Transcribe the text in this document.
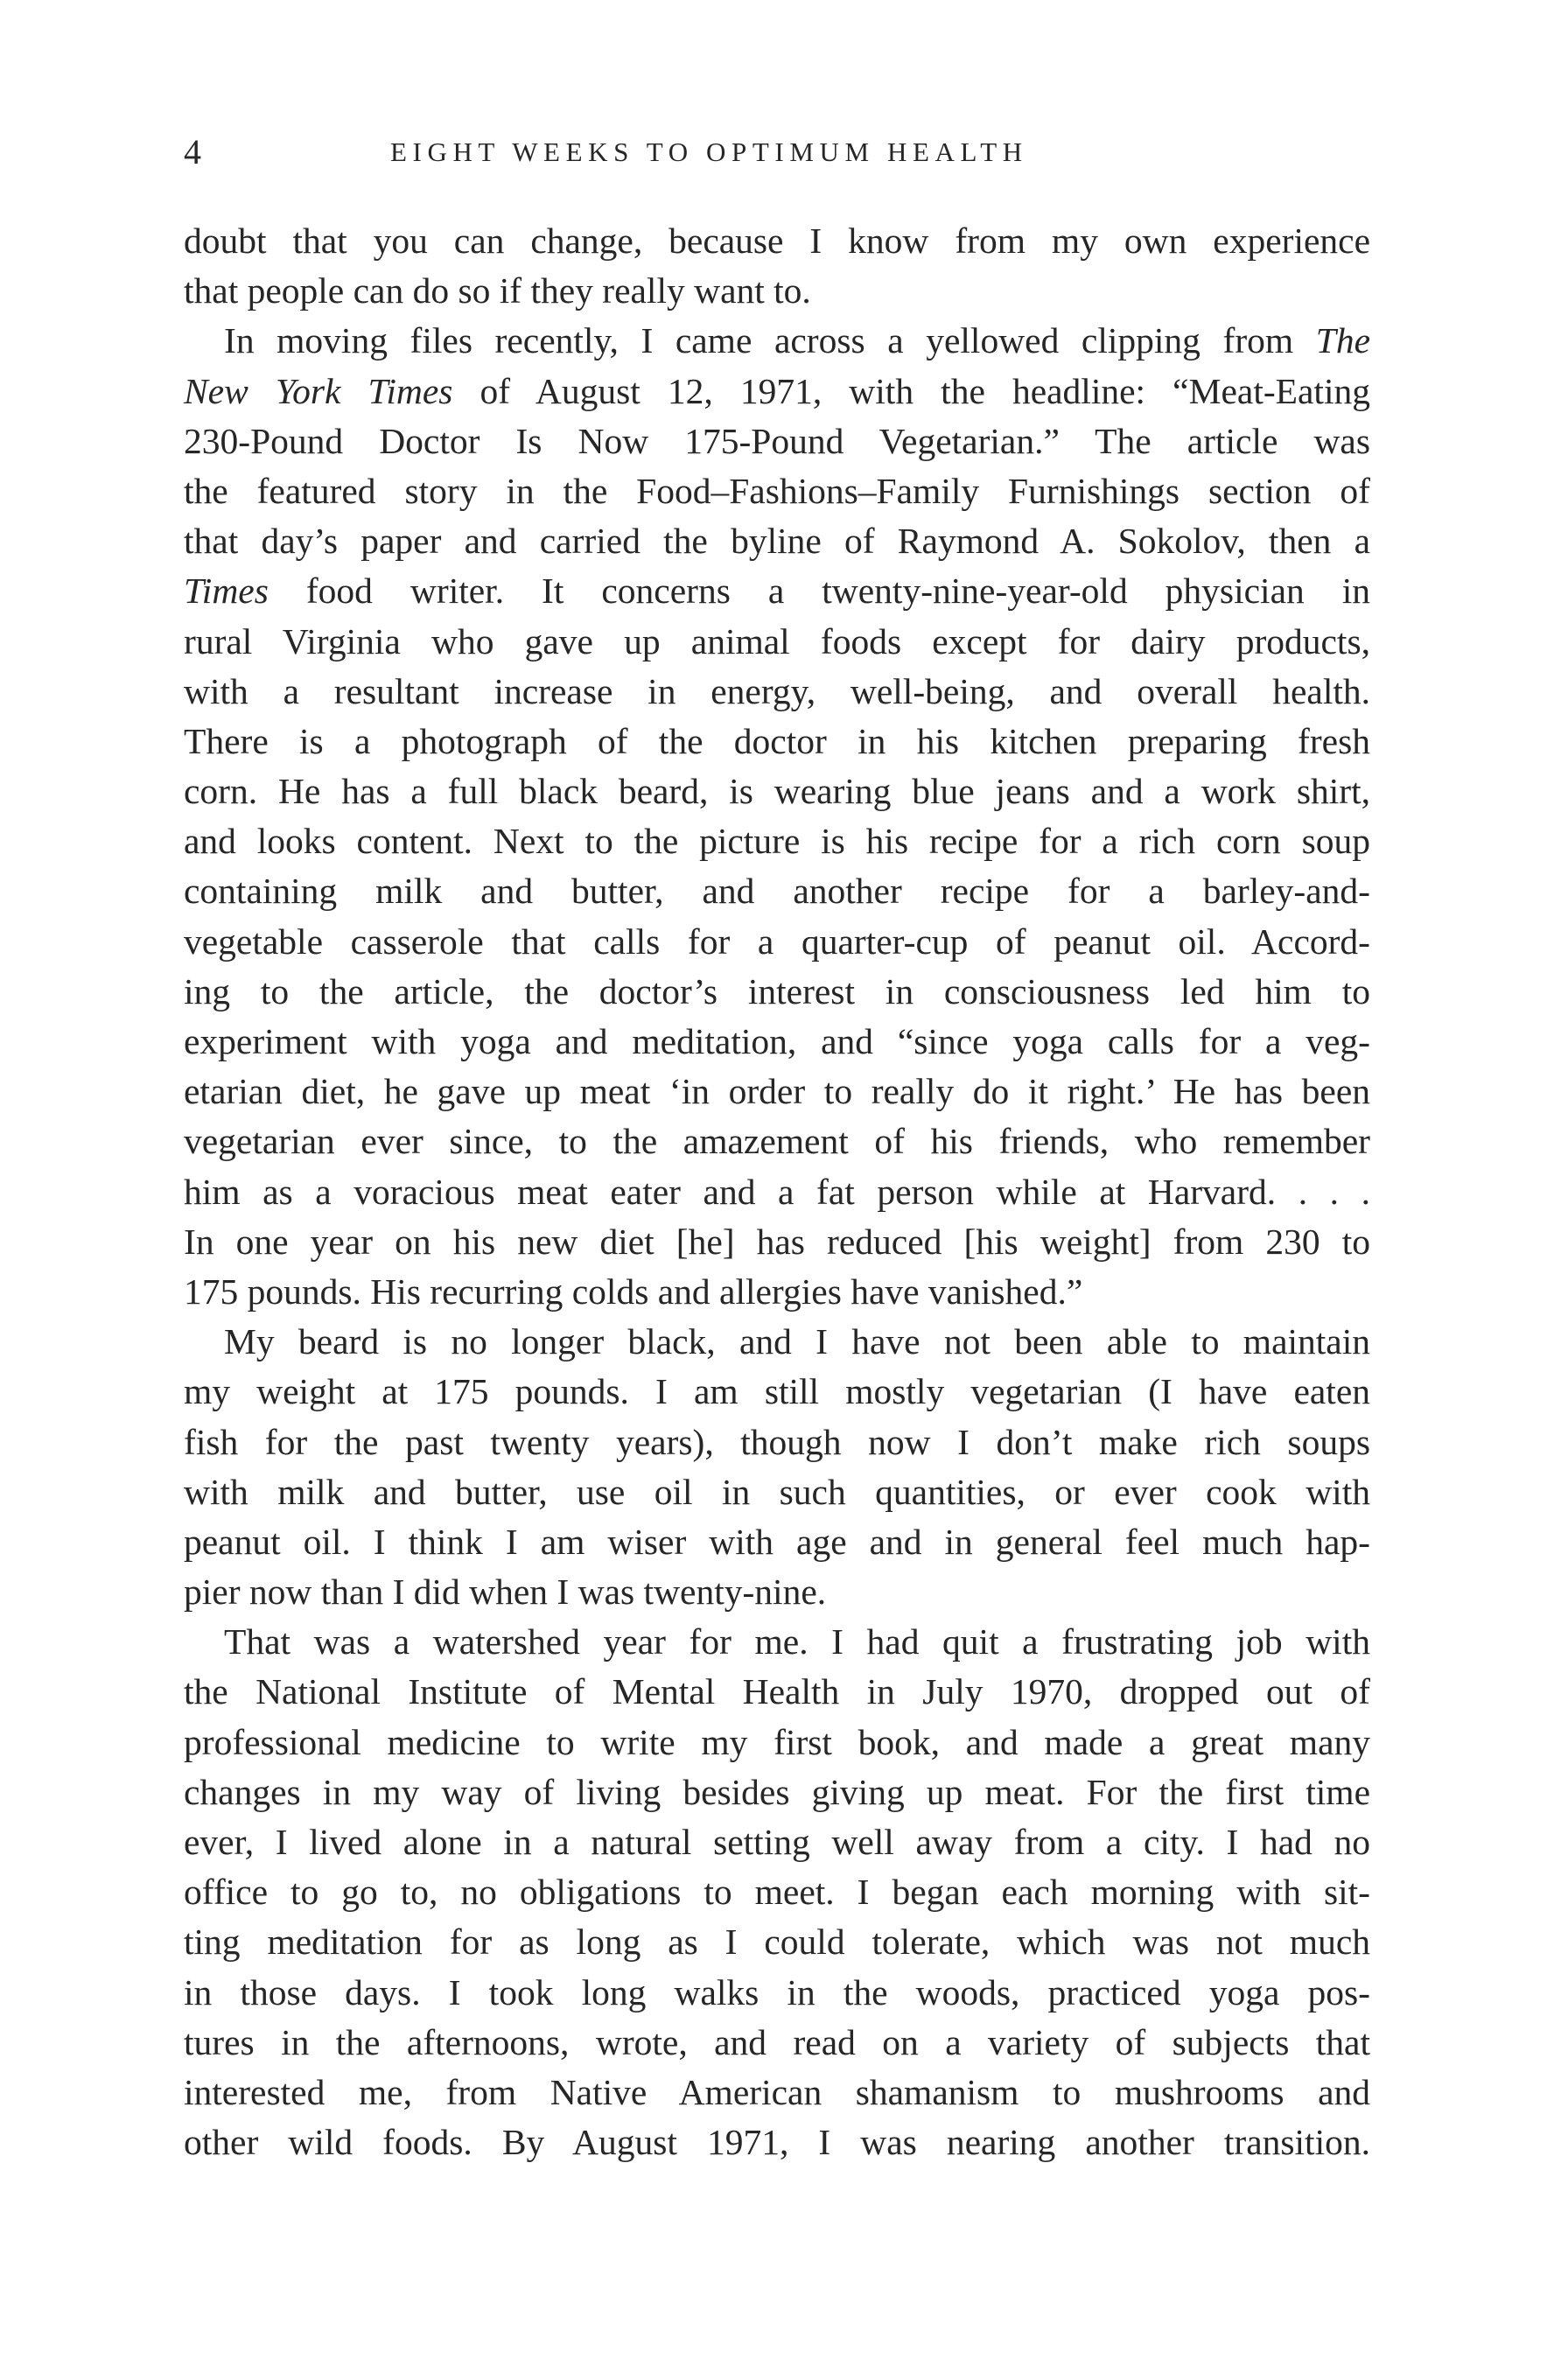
4	EIGHT WEEKS TO OPTIMUM HEALTH
doubt that you can change, because I know from my own experience
that people can do so if they really want to.
In moving files recently, I came across a yellowed clipping from The
New York Times of August 12, 1971, with the headline: “Meat-Eating
230-Pound Doctor Is Now 175-Pound Vegetarian.” The article was
the featured story in the Food–Fashions–Family Furnishings section of
that day’s paper and carried the byline of Raymond A. Sokolov, then a
Times food writer. It concerns a twenty-nine-year-old physician in
rural Virginia who gave up animal foods except for dairy products,
with a resultant increase in energy, well-being, and overall health.
There is a photograph of the doctor in his kitchen preparing fresh
corn. He has a full black beard, is wearing blue jeans and a work shirt,
and looks content. Next to the picture is his recipe for a rich corn soup
containing milk and butter, and another recipe for a barley-and-
vegetable casserole that calls for a quarter-cup of peanut oil. Accord-
ing to the article, the doctor’s interest in consciousness led him to
experiment with yoga and meditation, and “since yoga calls for a veg-
etarian diet, he gave up meat ‘in order to really do it right.’ He has been
vegetarian ever since, to the amazement of his friends, who remember
him as a voracious meat eater and a fat person while at Harvard. . . .
In one year on his new diet [he] has reduced [his weight] from 230 to
175 pounds. His recurring colds and allergies have vanished.”
My beard is no longer black, and I have not been able to maintain
my weight at 175 pounds. I am still mostly vegetarian (I have eaten
fish for the past twenty years), though now I don’t make rich soups
with milk and butter, use oil in such quantities, or ever cook with
peanut oil. I think I am wiser with age and in general feel much hap-
pier now than I did when I was twenty-nine.
That was a watershed year for me. I had quit a frustrating job with
the National Institute of Mental Health in July 1970, dropped out of
professional medicine to write my first book, and made a great many
changes in my way of living besides giving up meat. For the first time
ever, I lived alone in a natural setting well away from a city. I had no
office to go to, no obligations to meet. I began each morning with sit-
ting meditation for as long as I could tolerate, which was not much
in those days. I took long walks in the woods, practiced yoga pos-
tures in the afternoons, wrote, and read on a variety of subjects that
interested me, from Native American shamanism to mushrooms and
other wild foods. By August 1971, I was nearing another transition.
